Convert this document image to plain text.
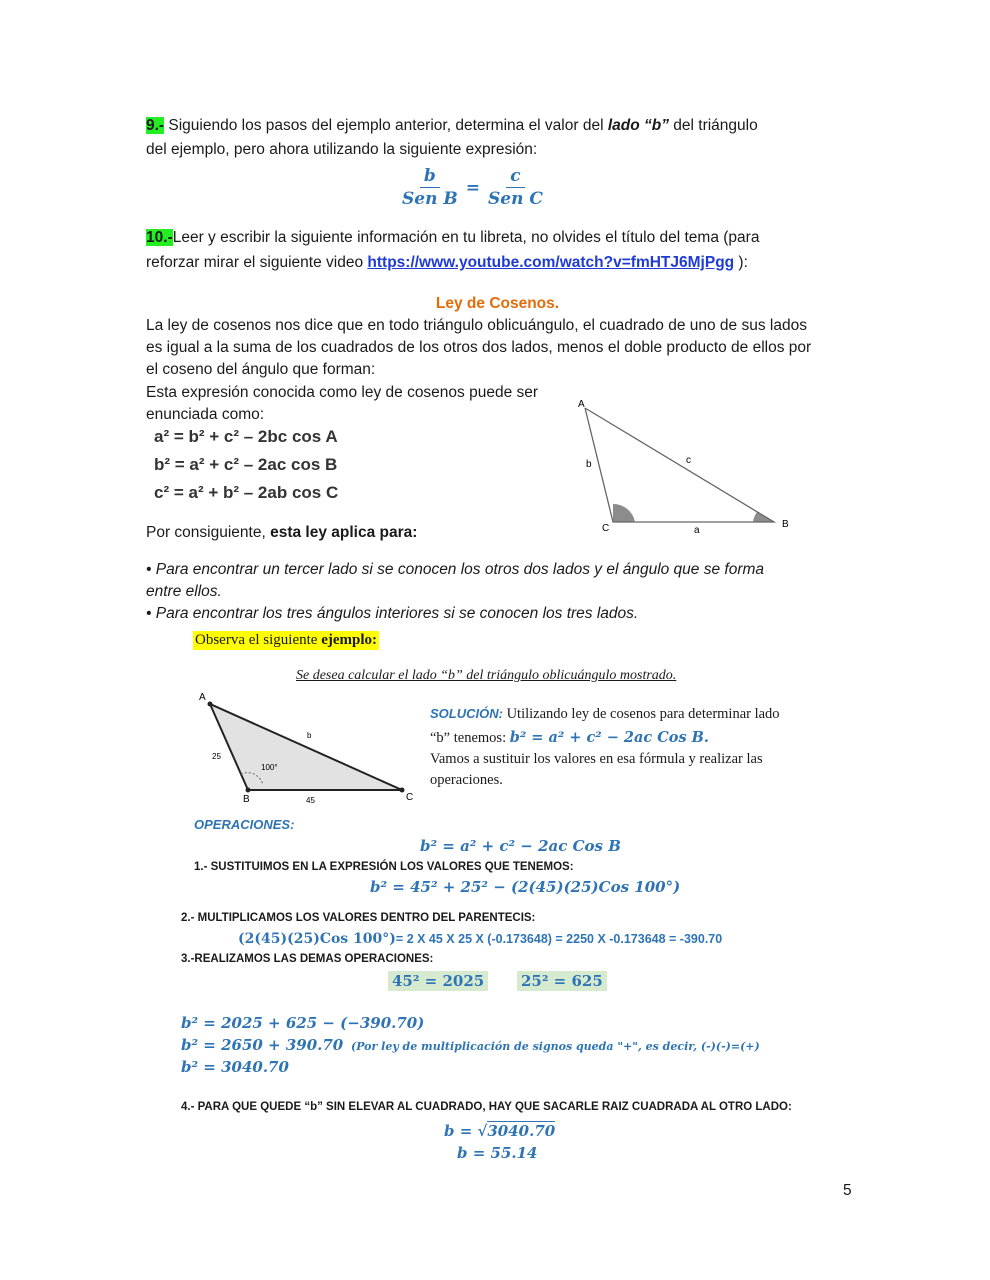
9.- Siguiendo los pasos del ejemplo anterior, determina el valor del lado “b” del triángulo
del ejemplo, pero ahora utilizando la siguiente expresión:
$\frac{b}{\text{Sen B}} = \frac{c}{\text{Sen C}}$
10.-Leer y escribir la siguiente información en tu libreta, no olvides el título del tema (para
reforzar mirar el siguiente video https://www.youtube.com/watch?v=fmHTJ6MjPgg ):
Ley de Cosenos.
La ley de cosenos nos dice que en todo triángulo oblicuángulo, el cuadrado de uno de sus lados
es igual a la suma de los cuadrados de los otros dos lados, menos el doble producto de ellos por
el coseno del ángulo que forman:
Esta expresión conocida como ley de cosenos puede ser
enunciada como:
a² = b² + c² – 2bc cos A
b² = a² + c² – 2ac cos B
c² = a² + b² – 2ab cos C
A
b	c
C	a
B
Por consiguiente, esta ley aplica para:
• Para encontrar un tercer lado si se conocen los otros dos lados y el ángulo que se forma
entre ellos.
• Para encontrar los tres ángulos interiores si se conocen los tres lados.
Observa el siguiente ejemplo:
Se desea calcular el lado “b” del triángulo oblicuángulo mostrado.
A
25
b
100°
B	45	C
SOLUCIÓN: Utilizando ley de cosenos para determinar lado
“b” tenemos: b² = a² + c² − 2ac Cos B.
Vamos a sustituir los valores en esa fórmula y realizar las
operaciones.
OPERACIONES:
b² = a² + c² − 2ac Cos B
1.- SUSTITUIMOS EN LA EXPRESIÓN LOS VALORES QUE TENEMOS:
b² = 45² + 25² − (2(45)(25)Cos 100°)
2.- MULTIPLICAMOS LOS VALORES DENTRO DEL PARENTECIS:
(2(45)(25)Cos 100°)= 2 X 45 X 25 X (-0.173648) = 2250 X -0.173648 = -390.70
3.-REALIZAMOS LAS DEMAS OPERACIONES:
45² = 2025 25² = 625
b² = 2025 + 625 − (−390.70)
b² = 2650 + 390.70 (Por ley de multiplicación de signos queda "+", es decir, (-)(-)=(+)
b² = 3040.70
4.- PARA QUE QUEDE “b” SIN ELEVAR AL CUADRADO, HAY QUE SACARLE RAIZ CUADRADA AL OTRO LADO:
b = √3040.70
b = 55.14
5
